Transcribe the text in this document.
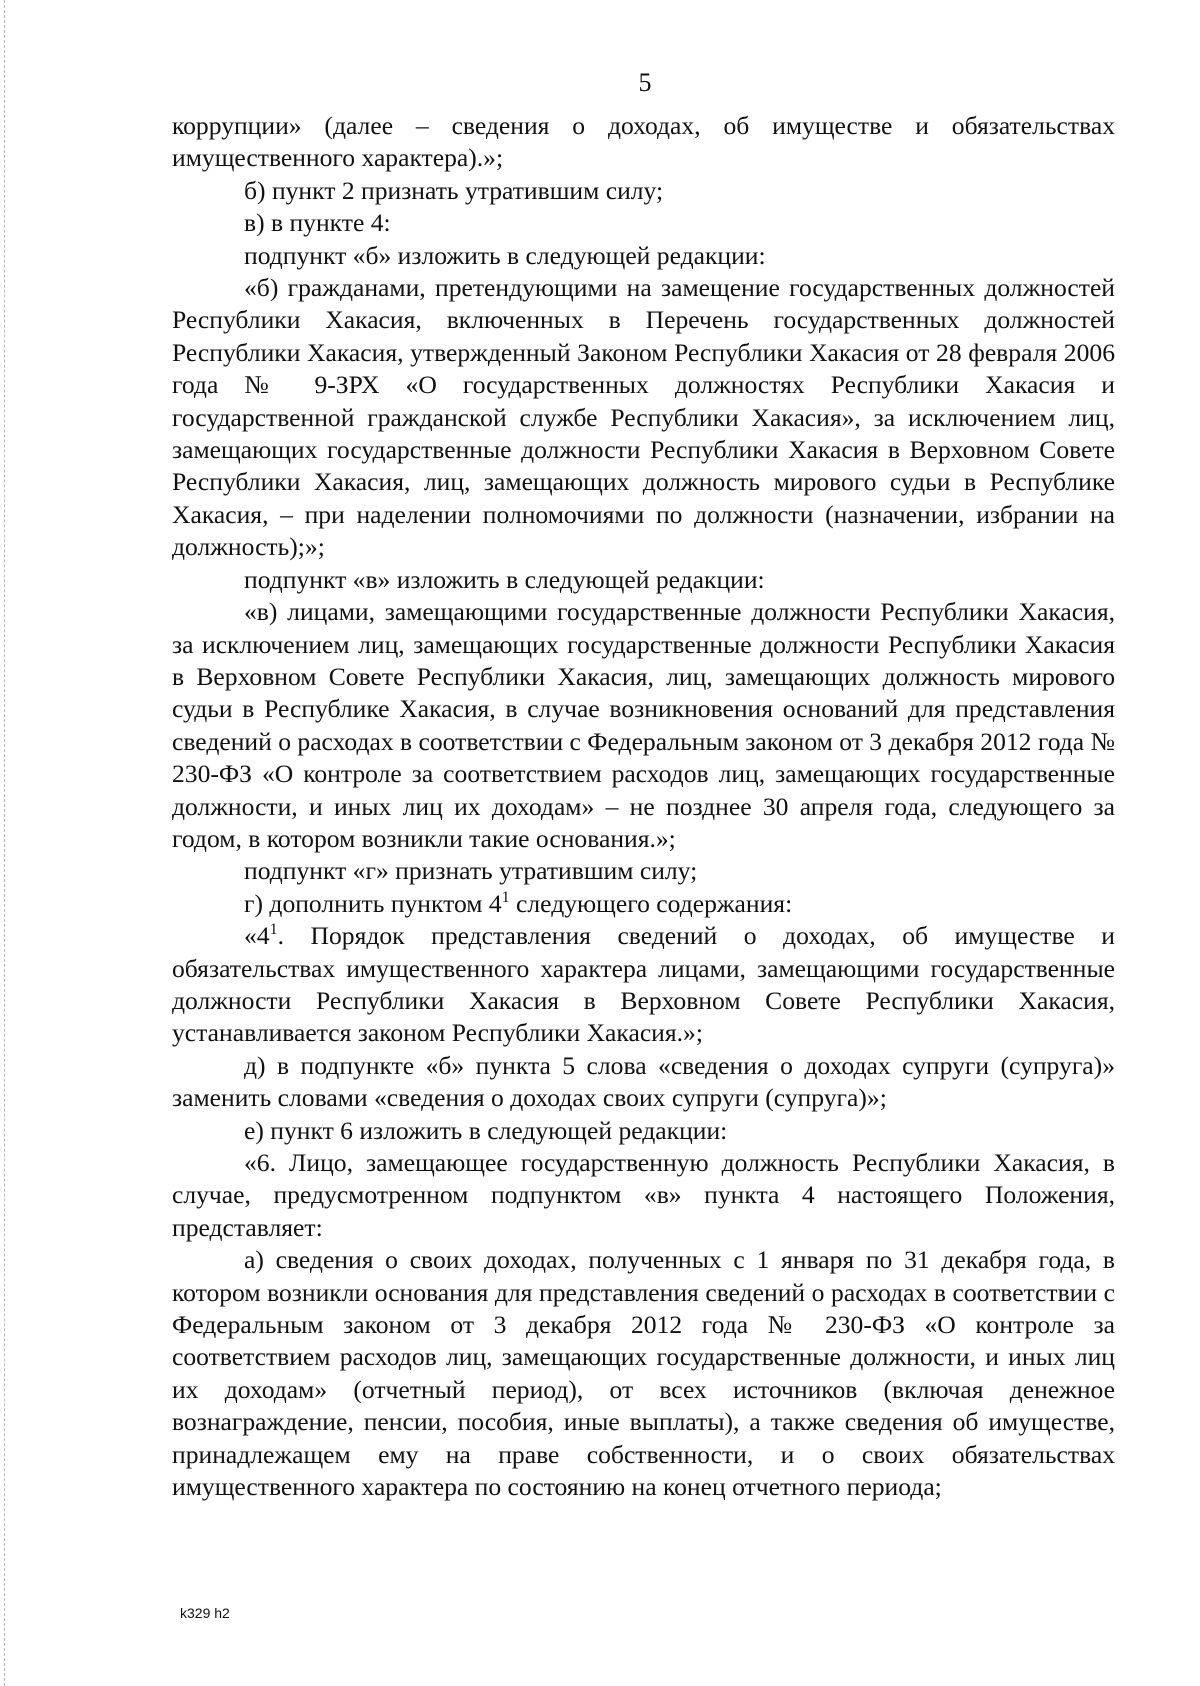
5

коррупции» (далее – сведения о доходах, об имуществе и обязательствах имущественного характера).»;

б) пункт 2 признать утратившим силу;

в) в пункте 4:

подпункт «б» изложить в следующей редакции:

«б) гражданами, претендующими на замещение государственных должностей Республики Хакасия, включенных в Перечень государственных должностей Республики Хакасия, утвержденный Законом Республики Хакасия от 28 февраля 2006 года № 9-ЗРХ «О государственных должностях Республики Хакасия и государственной гражданской службе Республики Хакасия», за исключением лиц, замещающих государственные должности Республики Хакасия в Верховном Совете Республики Хакасия, лиц, замещающих должность мирового судьи в Республике Хакасия, – при наделении полномочиями по должности (назначении, избрании на должность);»;

подпункт «в» изложить в следующей редакции:

«в) лицами, замещающими государственные должности Республики Хакасия, за исключением лиц, замещающих государственные должности Республики Хакасия в Верховном Совете Республики Хакасия, лиц, замещающих должность мирового судьи в Республике Хакасия, в случае возникновения оснований для представления сведений о расходах в соответствии с Федеральным законом от 3 декабря 2012 года № 230-ФЗ «О контроле за соответствием расходов лиц, замещающих государственные должности, и иных лиц их доходам» – не позднее 30 апреля года, следующего за годом, в котором возникли такие основания.»;

подпункт «г» признать утратившим силу;

г) дополнить пунктом $4^1$ следующего содержания:

«$4^1$. Порядок представления сведений о доходах, об имуществе и обязательствах имущественного характера лицами, замещающими государственные должности Республики Хакасия в Верховном Совете Республики Хакасия, устанавливается законом Республики Хакасия.»;

д) в подпункте «б» пункта 5 слова «сведения о доходах супруги (супруга)» заменить словами «сведения о доходах своих супруги (супруга)»;

е) пункт 6 изложить в следующей редакции:

«6. Лицо, замещающее государственную должность Республики Хакасия, в случае, предусмотренном подпунктом «в» пункта 4 настоящего Положения, представляет:

а) сведения о своих доходах, полученных с 1 января по 31 декабря года, в котором возникли основания для представления сведений о расходах в соответствии с Федеральным законом от 3 декабря 2012 года № 230-ФЗ «О контроле за соответствием расходов лиц, замещающих государственные должности, и иных лиц их доходам» (отчетный период), от всех источников (включая денежное вознаграждение, пенсии, пособия, иные выплаты), а также сведения об имуществе, принадлежащем ему на праве собственности, и о своих обязательствах имущественного характера по состоянию на конец отчетного периода;

k329 h2
